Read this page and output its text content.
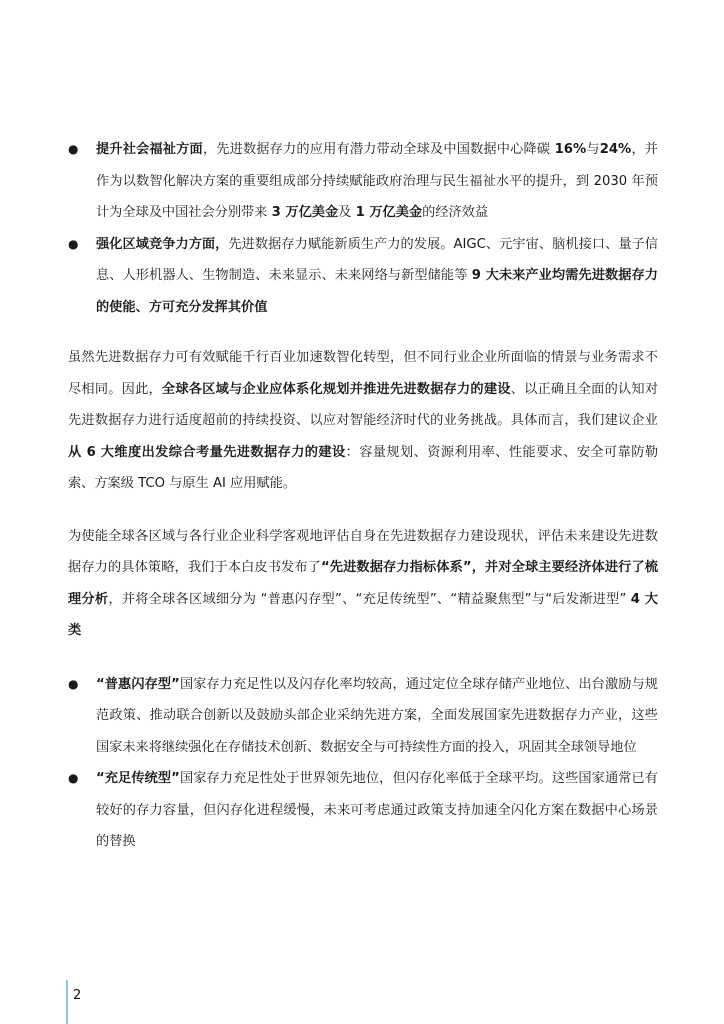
● 提升社会福祉方面，先进数据存力的应用有潜力带动全球及中国数据中心降碳 16%与24%，并作为以数智化解决方案的重要组成部分持续赋能政府治理与民生福祉水平的提升，到 2030 年预计为全球及中国社会分别带来 3 万亿美金及 1 万亿美金的经济效益
● 强化区域竞争力方面，先进数据存力赋能新质生产力的发展。AIGC、元宇宙、脑机接口、量子信息、人形机器人、生物制造、未来显示、未来网络与新型储能等 9 大未来产业均需先进数据存力的使能、方可充分发挥其价值

虽然先进数据存力可有效赋能千行百业加速数智化转型，但不同行业企业所面临的情景与业务需求不尽相同。因此，全球各区域与企业应体系化规划并推进先进数据存力的建设、以正确且全面的认知对先进数据存力进行适度超前的持续投资、以应对智能经济时代的业务挑战。具体而言，我们建议企业从 6 大维度出发综合考量先进数据存力的建设：容量规划、资源利用率、性能要求、安全可靠防勒索、方案级 TCO 与原生 AI 应用赋能。

为使能全球各区域与各行业企业科学客观地评估自身在先进数据存力建设现状，评估未来建设先进数据存力的具体策略，我们于本白皮书发布了“先进数据存力指标体系”，并对全球主要经济体进行了梳理分析，并将全球各区域细分为 “普惠闪存型”、“充足传统型”、“精益聚焦型”与“后发渐进型” 4 大类

● “普惠闪存型”国家存力充足性以及闪存化率均较高，通过定位全球存储产业地位、出台激励与规范政策、推动联合创新以及鼓励头部企业采纳先进方案，全面发展国家先进数据存力产业，这些国家未来将继续强化在存储技术创新、数据安全与可持续性方面的投入，巩固其全球领导地位
● “充足传统型”国家存力充足性处于世界领先地位，但闪存化率低于全球平均。这些国家通常已有较好的存力容量，但闪存化进程缓慢，未来可考虑通过政策支持加速全闪化方案在数据中心场景的替换
2
